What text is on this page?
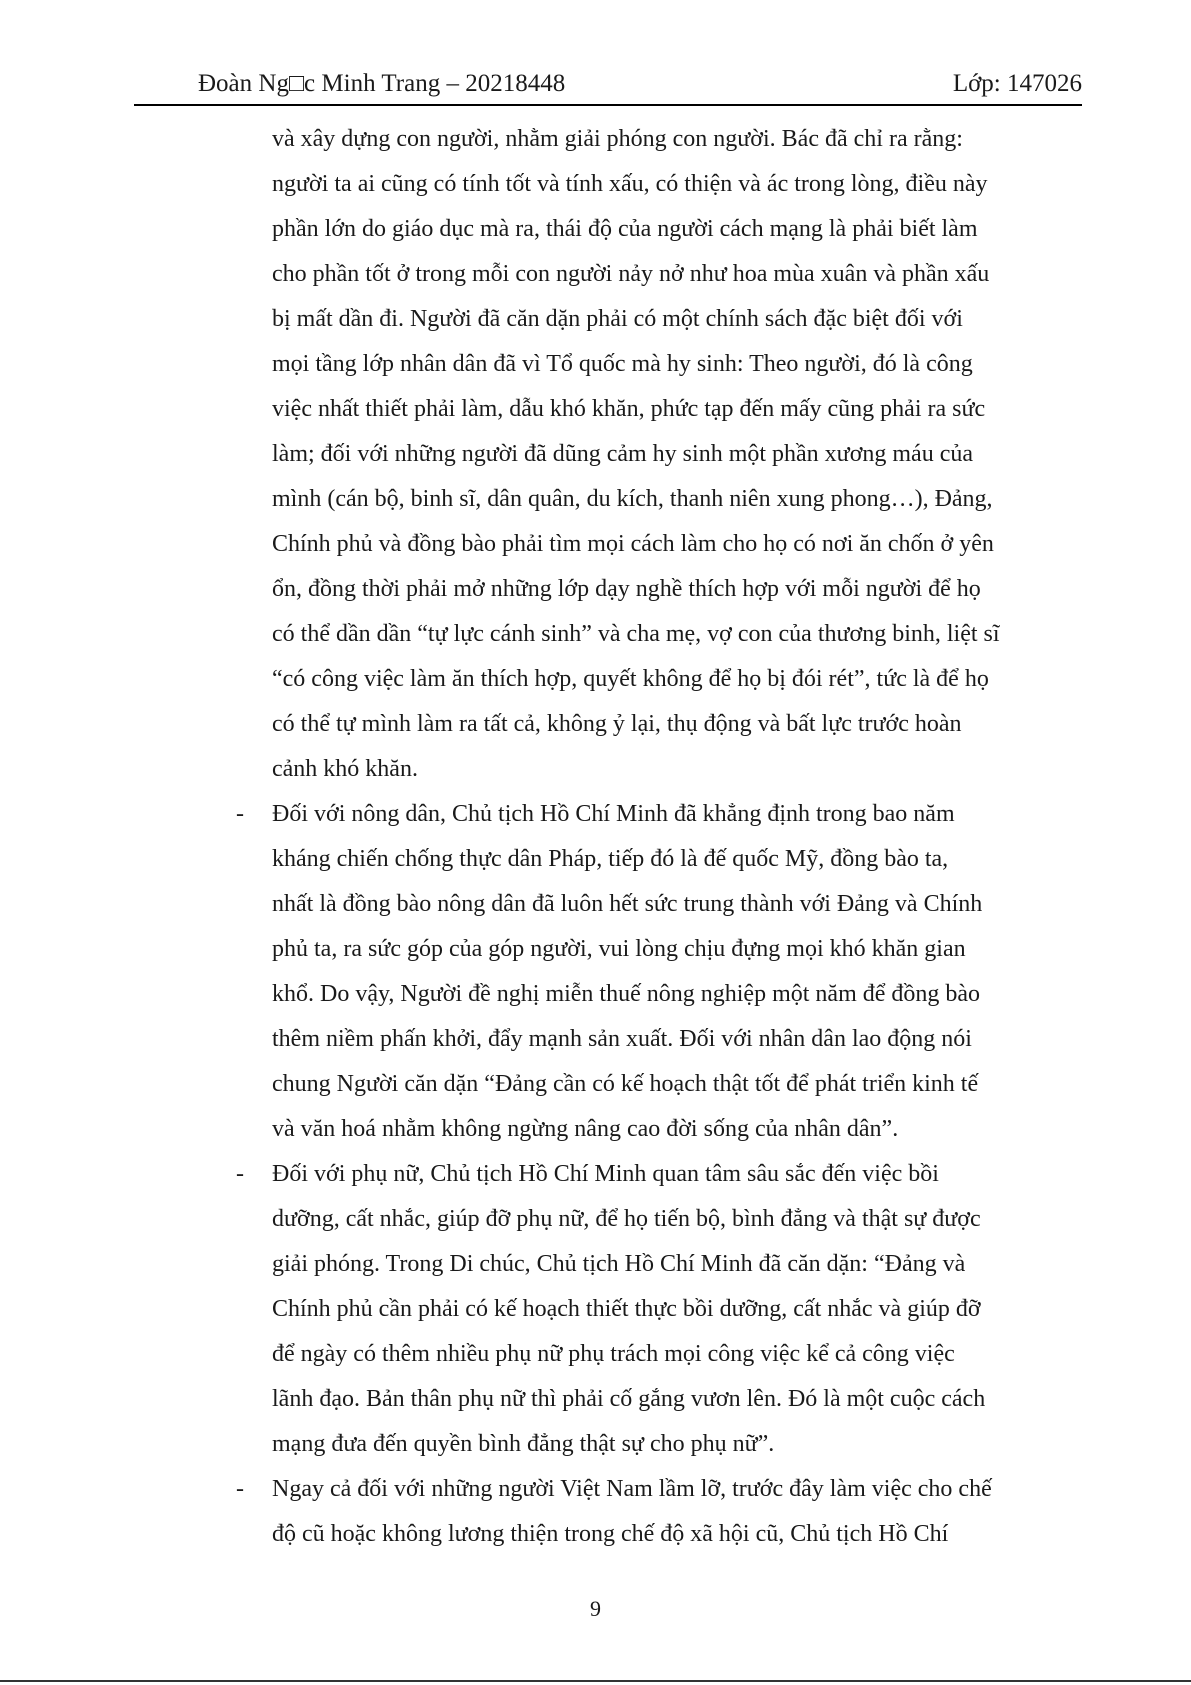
Đoàn Ng□c Minh Trang – 20218448	Lớp: 147026
và xây dựng con người, nhằm giải phóng con người. Bác đã chỉ ra rằng:
người ta ai cũng có tính tốt và tính xấu, có thiện và ác trong lòng, điều này
phần lớn do giáo dục mà ra, thái độ của người cách mạng là phải biết làm
cho phần tốt ở trong mỗi con người nảy nở như hoa mùa xuân và phần xấu
bị mất dần đi. Người đã căn dặn phải có một chính sách đặc biệt đối với
mọi tầng lớp nhân dân đã vì Tổ quốc mà hy sinh: Theo người, đó là công
việc nhất thiết phải làm, dẫu khó khăn, phức tạp đến mấy cũng phải ra sức
làm; đối với những người đã dũng cảm hy sinh một phần xương máu của
mình (cán bộ, binh sĩ, dân quân, du kích, thanh niên xung phong…), Đảng,
Chính phủ và đồng bào phải tìm mọi cách làm cho họ có nơi ăn chốn ở yên
ổn, đồng thời phải mở những lớp dạy nghề thích hợp với mỗi người để họ
có thể dần dần “tự lực cánh sinh” và cha mẹ, vợ con của thương binh, liệt sĩ
“có công việc làm ăn thích hợp, quyết không để họ bị đói rét”, tức là để họ
có thể tự mình làm ra tất cả, không ỷ lại, thụ động và bất lực trước hoàn
cảnh khó khăn.
- Đối với nông dân, Chủ tịch Hồ Chí Minh đã khẳng định trong bao năm
kháng chiến chống thực dân Pháp, tiếp đó là đế quốc Mỹ, đồng bào ta,
nhất là đồng bào nông dân đã luôn hết sức trung thành với Đảng và Chính
phủ ta, ra sức góp của góp người, vui lòng chịu đựng mọi khó khăn gian
khổ. Do vậy, Người đề nghị miễn thuế nông nghiệp một năm để đồng bào
thêm niềm phấn khởi, đẩy mạnh sản xuất. Đối với nhân dân lao động nói
chung Người căn dặn “Đảng cần có kế hoạch thật tốt để phát triển kinh tế
và văn hoá nhằm không ngừng nâng cao đời sống của nhân dân”.
- Đối với phụ nữ, Chủ tịch Hồ Chí Minh quan tâm sâu sắc đến việc bồi
dưỡng, cất nhắc, giúp đỡ phụ nữ, để họ tiến bộ, bình đẳng và thật sự được
giải phóng. Trong Di chúc, Chủ tịch Hồ Chí Minh đã căn dặn: “Đảng và
Chính phủ cần phải có kế hoạch thiết thực bồi dưỡng, cất nhắc và giúp đỡ
để ngày có thêm nhiều phụ nữ phụ trách mọi công việc kể cả công việc
lãnh đạo. Bản thân phụ nữ thì phải cố gắng vươn lên. Đó là một cuộc cách
mạng đưa đến quyền bình đẳng thật sự cho phụ nữ”.
- Ngay cả đối với những người Việt Nam lầm lỡ, trước đây làm việc cho chế
độ cũ hoặc không lương thiện trong chế độ xã hội cũ, Chủ tịch Hồ Chí
9
